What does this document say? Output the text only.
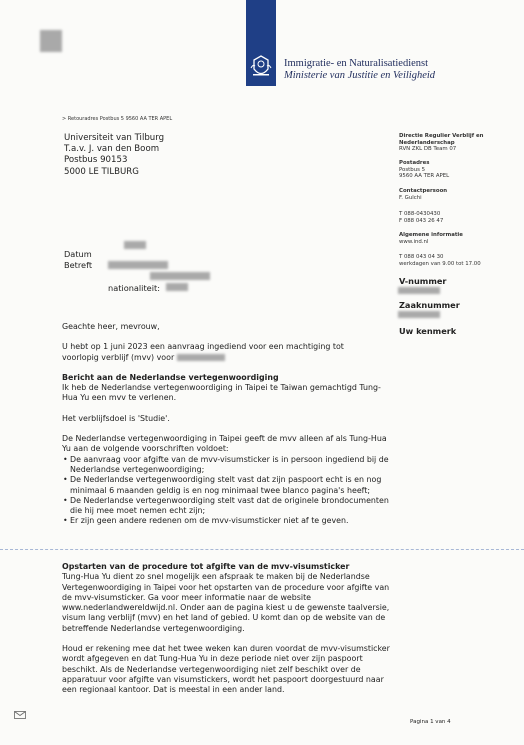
Immigratie- en Naturalisatiedienst
Ministerie van Justitie en Veiligheid
> Retouradres Postbus 5 9560 AA TER APEL
Universiteit van Tilburg
T.a.v. J. van den Boom
Postbus 90153
5000 LE TILBURG
Directie Regulier Verblijf en
Nederlanderschap
RVN ZKL DB Team 07
Postadres
Postbus 5
9560 AA TER APEL
Contactpersoon
F. Gulchi
T 088-0430430
F 088 043 26 47
Algemene informatie
www.ind.nl
T 088 043 04 30
werkdagen van 9.00 tot 17.00
V-nummer
Zaaknummer
Uw kenmerk
Datum
Betreft
nationaliteit:

Geachte heer, mevrouw,

U hebt op 1 juni 2023 een aanvraag ingediend voor een machtiging tot

voorlopig verblijf (mvv) voor

Bericht aan de Nederlandse vertegenwoordiging

Ik heb de Nederlandse vertegenwoordiging in Taipei te Taiwan gemachtigd Tung-Hua Yu een mvv te verlenen.

Het verblijfsdoel is 'Studie'.

De Nederlandse vertegenwoordiging in Taipei geeft de mvv alleen af als Tung-Hua Yu aan de volgende voorschriften voldoet:

• De aanvraag voor afgifte van de mvv-visumsticker is in persoon ingediend bij de Nederlandse vertegenwoordiging;
• De Nederlandse vertegenwoordiging stelt vast dat zijn paspoort echt is en nog minimaal 6 maanden geldig is en nog minimaal twee blanco pagina's heeft;
• De Nederlandse vertegenwoordiging stelt vast dat de originele brondocumenten die hij mee moet nemen echt zijn;
• Er zijn geen andere redenen om de mvv-visumsticker niet af te geven.

Opstarten van de procedure tot afgifte van de mvv-visumsticker

Tung-Hua Yu dient zo snel mogelijk een afspraak te maken bij de Nederlandse Vertegenwoordiging in Taipei voor het opstarten van de procedure voor afgifte van de mvv-visumsticker. Ga voor meer informatie naar de website www.nederlandwereldwijd.nl. Onder aan de pagina kiest u de gewenste taalversie, visum lang verblijf (mvv) en het land of gebied. U komt dan op de website van de betreffende Nederlandse vertegenwoordiging.

Houd er rekening mee dat het twee weken kan duren voordat de mvv-visumsticker wordt afgegeven en dat Tung-Hua Yu in deze periode niet over zijn paspoort beschikt. Als de Nederlandse vertegenwoordiging niet zelf beschikt over de apparatuur voor afgifte van visumstickers, wordt het paspoort doorgestuurd naar een regionaal kantoor. Dat is meestal in een ander land.

Pagina 1 van 4
